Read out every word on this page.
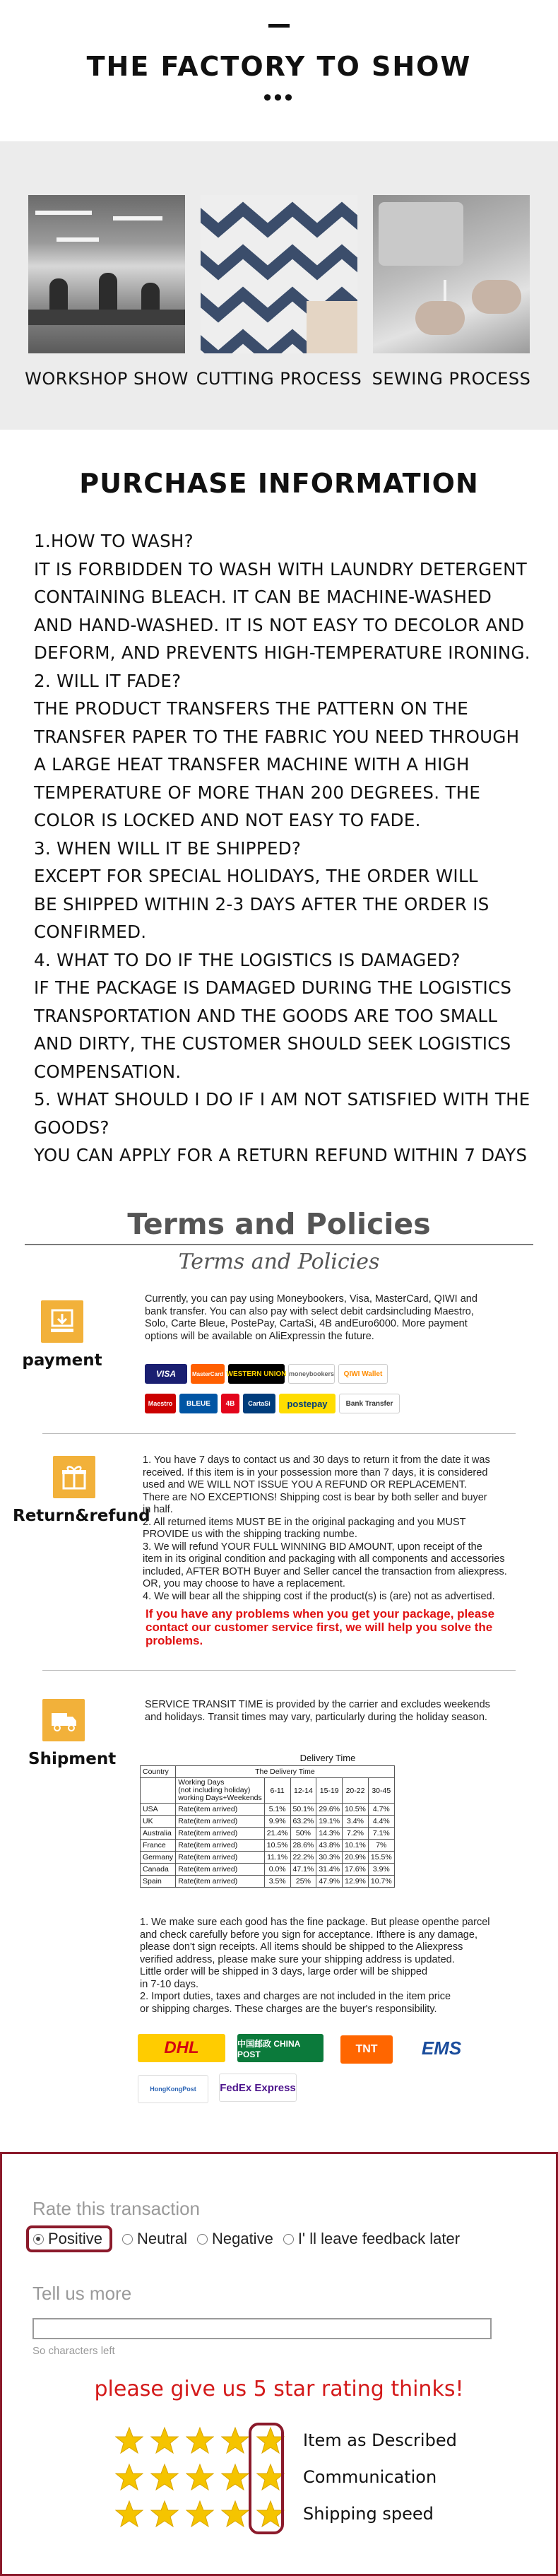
THE FACTORY TO SHOW
•••
WORKSHOP SHOW CUTTING PROCESS SEWING PROCESS
PURCHASE INFORMATION
1.HOW TO WASH?
IT IS FORBIDDEN TO WASH WITH LAUNDRY DETERGENT
CONTAINING BLEACH. IT CAN BE MACHINE-WASHED
AND HAND-WASHED. IT IS NOT EASY TO DECOLOR AND
DEFORM, AND PREVENTS HIGH-TEMPERATURE IRONING.
2. WILL IT FADE?
THE PRODUCT TRANSFERS THE PATTERN ON THE
TRANSFER PAPER TO THE FABRIC YOU NEED THROUGH
A LARGE HEAT TRANSFER MACHINE WITH A HIGH
TEMPERATURE OF MORE THAN 200 DEGREES. THE
COLOR IS LOCKED AND NOT EASY TO FADE.
3. WHEN WILL IT BE SHIPPED?
EXCEPT FOR SPECIAL HOLIDAYS, THE ORDER WILL
BE SHIPPED WITHIN 2-3 DAYS AFTER THE ORDER IS
CONFIRMED.
4. WHAT TO DO IF THE LOGISTICS IS DAMAGED?
IF THE PACKAGE IS DAMAGED DURING THE LOGISTICS
TRANSPORTATION AND THE GOODS ARE TOO SMALL
AND DIRTY, THE CUSTOMER SHOULD SEEK LOGISTICS
COMPENSATION.
5. WHAT SHOULD I DO IF I AM NOT SATISFIED WITH THE
GOODS?
YOU CAN APPLY FOR A RETURN REFUND WITHIN 7 DAYS
Terms and Policies
Terms and Policies
payment
Currently, you can pay using Moneybookers, Visa, MasterCard, QIWI and
bank transfer. You can also pay with select debit cardsincluding Maestro,
Solo, Carte Bleue, PostePay, CartaSi, 4B andEuro6000. More payment
options will be available on AliExpressin the future.
VISA	MasterCard WESTERN UNION moneybookers	QIWI Wallet
Maestro	BLEUE	4B	CartaSi	postepay	Bank Transfer
Return&refund
1. You have 7 days to contact us and 30 days to return it from the date it was
received. If this item is in your possession more than 7 days, it is considered
used and WE WILL NOT ISSUE YOU A REFUND OR REPLACEMENT.
There are NO EXCEPTIONS! Shipping cost is bear by both seller and buyer
in half.
2. All returned items MUST BE in the original packaging and you MUST
PROVIDE us with the shipping tracking numbe.
3. We will refund YOUR FULL WINNING BID AMOUNT, upon receipt of the
item in its original condition and packaging with all components and accessories
included, AFTER BOTH Buyer and Seller cancel the transaction from aliexpress.
OR, you may choose to have a replacement.
4. We will bear all the shipping cost if the product(s) is (are) not as advertised.
If you have any problems when you get your package, please
contact our customer service first, we will help you solve the
problems.
Shipment
SERVICE TRANSIT TIME is provided by the carrier and excludes weekends
and holidays. Transit times may vary, particularly during the holiday season.
Delivery Time
Country	The Delivery Time					

	Working Days
(not including holiday)
working Days+Weekends	6-11	12-14	15-19	20-22	30-45
USA	Rate(item arrived)	5.1%	50.1%	29.6%	10.5%	4.7%
UK	Rate(item arrived)	9.9%	63.2%	19.1%	3.4%	4.4%
Australia	Rate(item arrived)	21.4%	50%	14.3%	7.2%	7.1%
France	Rate(item arrived)	10.5%	28.6%	43.8%	10.1%	7%
Germany	Rate(item arrived)	11.1%	22.2%	30.3%	20.9%	15.5%
Canada	Rate(item arrived)	0.0%	47.1%	31.4%	17.6%	3.9%
Spain	Rate(item arrived)	3.5%	25%	47.9%	12.9%	10.7%
1. We make sure each good has the fine package. But please openthe parcel
and check carefully before you sign for acceptance. Ifthere is any damage,
please don't sign receipts. All items should be shipped to the Aliexpress
verified address, please make sure your shipping address is updated.
Little order will be shipped in 3 days, large order will be shipped
in 7-10 days.
2. Import duties, taxes and charges are not included in the item price
or shipping charges. These charges are the buyer's responsibility.
DHL	中国邮政 CHINA POST	TNT	EMS
HongKongPost	FedEx Express
Rate this transaction
Positive Neutral Negative I' ll leave feedback later
Tell us more
So characters left
please give us 5 star rating thinks!
Item as Described
Communication
Shipping speed
